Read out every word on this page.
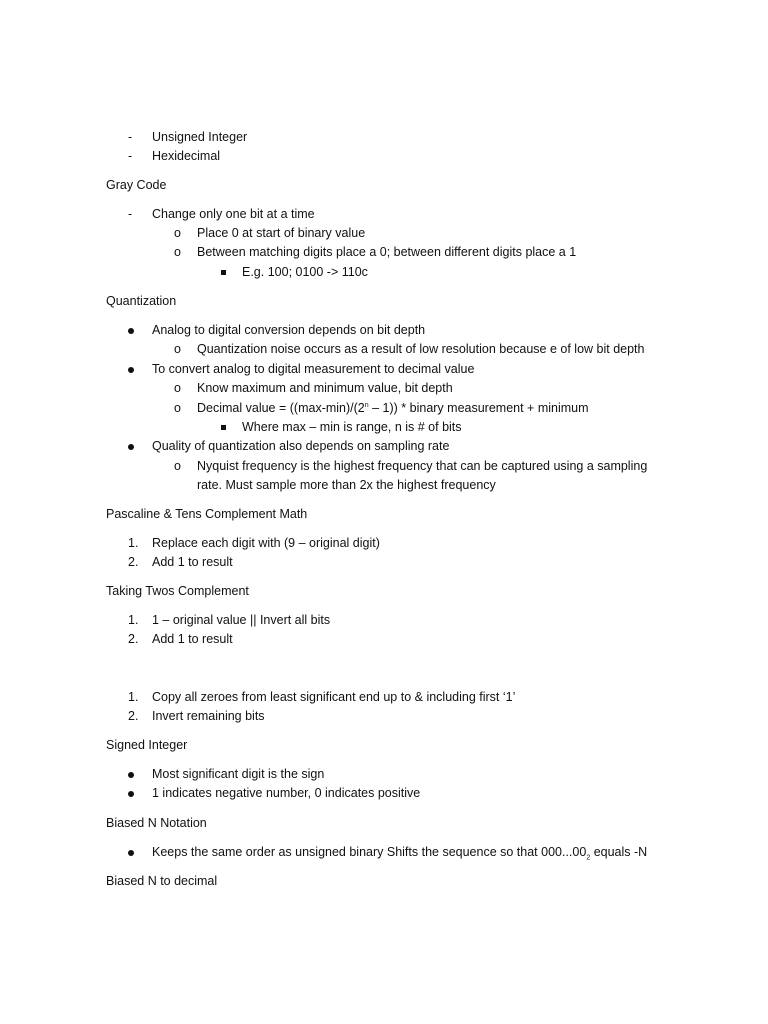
- Unsigned Integer
- Hexidecimal
Gray Code
- Change only one bit at a time
o Place 0 at start of binary value
o Between matching digits place a 0; between different digits place a 1
E.g. 100; 0100 -> 110c
Quantization
Analog to digital conversion depends on bit depth
o Quantization noise occurs as a result of low resolution because e of low bit depth
To convert analog to digital measurement to decimal value
o Know maximum and minimum value, bit depth
o Decimal value = $((\max-\min)/(2^n - 1))$ * binary measurement + minimum
Where max – min is range, n is # of bits
Quality of quantization also depends on sampling rate
o Nyquist frequency is the highest frequency that can be captured using a sampling
rate. Must sample more than 2x the highest frequency
Pascaline & Tens Complement Math
1. Replace each digit with (9 – original digit)
2. Add 1 to result
Taking Twos Complement
1. 1 – original value || Invert all bits
2. Add 1 to result
1. Copy all zeroes from least significant end up to & including first ‘1’
2. Invert remaining bits
Signed Integer
Most significant digit is the sign
1 indicates negative number, 0 indicates positive
Biased N Notation
Keeps the same order as unsigned binary Shifts the sequence so that $000...00_2$ equals -N
Biased N to decimal
